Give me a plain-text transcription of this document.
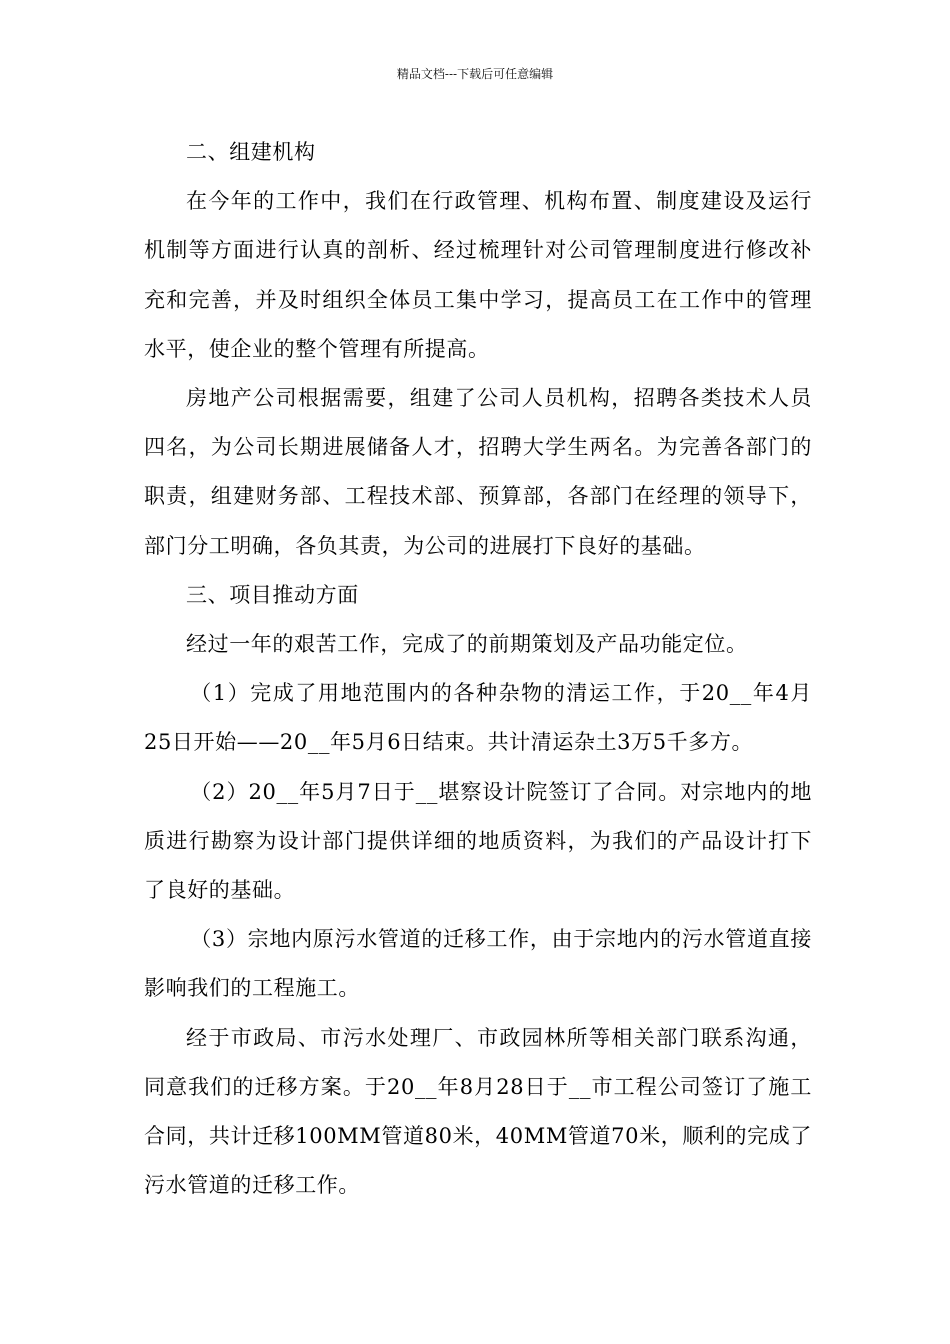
精品文档---下载后可任意编辑

二、组建机构

在今年的工作中，我们在行政管理、机构布置、制度建设及运行机制等方面进行认真的剖析、经过梳理针对公司管理制度进行修改补充和完善，并及时组织全体员工集中学习，提高员工在工作中的管理水平，使企业的整个管理有所提高。

房地产公司根据需要，组建了公司人员机构，招聘各类技术人员四名，为公司长期进展储备人才，招聘大学生两名。为完善各部门的职责，组建财务部、工程技术部、预算部，各部门在经理的领导下，部门分工明确，各负其责，为公司的进展打下良好的基础。

三、项目推动方面

经过一年的艰苦工作，完成了的前期策划及产品功能定位。

（1）完成了用地范围内的各种杂物的清运工作，于20__年4月25日开始——20__年5月6日结束。共计清运杂土3万5千多方。

（2）20__年5月7日于__堪察设计院签订了合同。对宗地内的地质进行勘察为设计部门提供详细的地质资料，为我们的产品设计打下了良好的基础。

（3）宗地内原污水管道的迁移工作，由于宗地内的污水管道直接影响我们的工程施工。

经于市政局、市污水处理厂、市政园林所等相关部门联系沟通，同意我们的迁移方案。于20__年8月28日于__市工程公司签订了施工合同，共计迁移100MM管道80米，40MM管道70米，顺利的完成了污水管道的迁移工作。
